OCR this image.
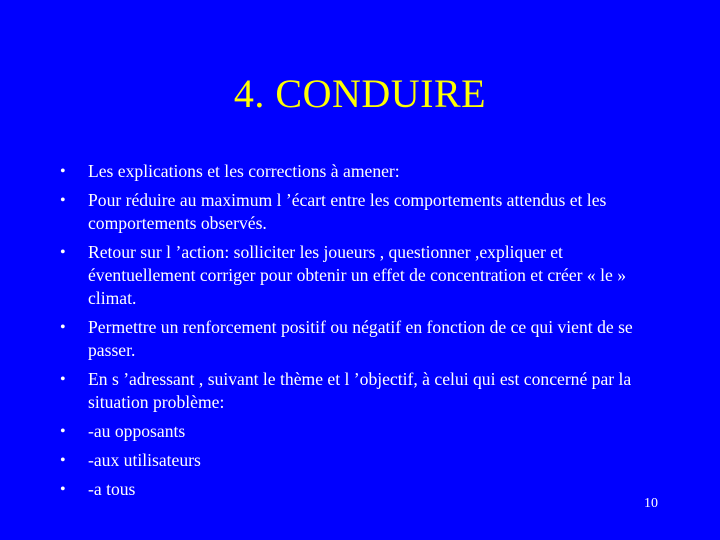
4. CONDUIRE
• Les explications et les corrections à amener:
• Pour réduire au maximum l ’écart entre les comportements attendus et les comportements observés.
• Retour sur l ’action: solliciter les joueurs , questionner ,expliquer et éventuellement corriger pour obtenir un effet de concentration et créer « le » climat.
• Permettre un renforcement positif ou négatif en fonction de ce qui vient de se passer.
• En s ’adressant , suivant le thème et l ’objectif, à celui qui est concerné par la situation problème:
• -au opposants
• -aux utilisateurs
• -a tous
10
